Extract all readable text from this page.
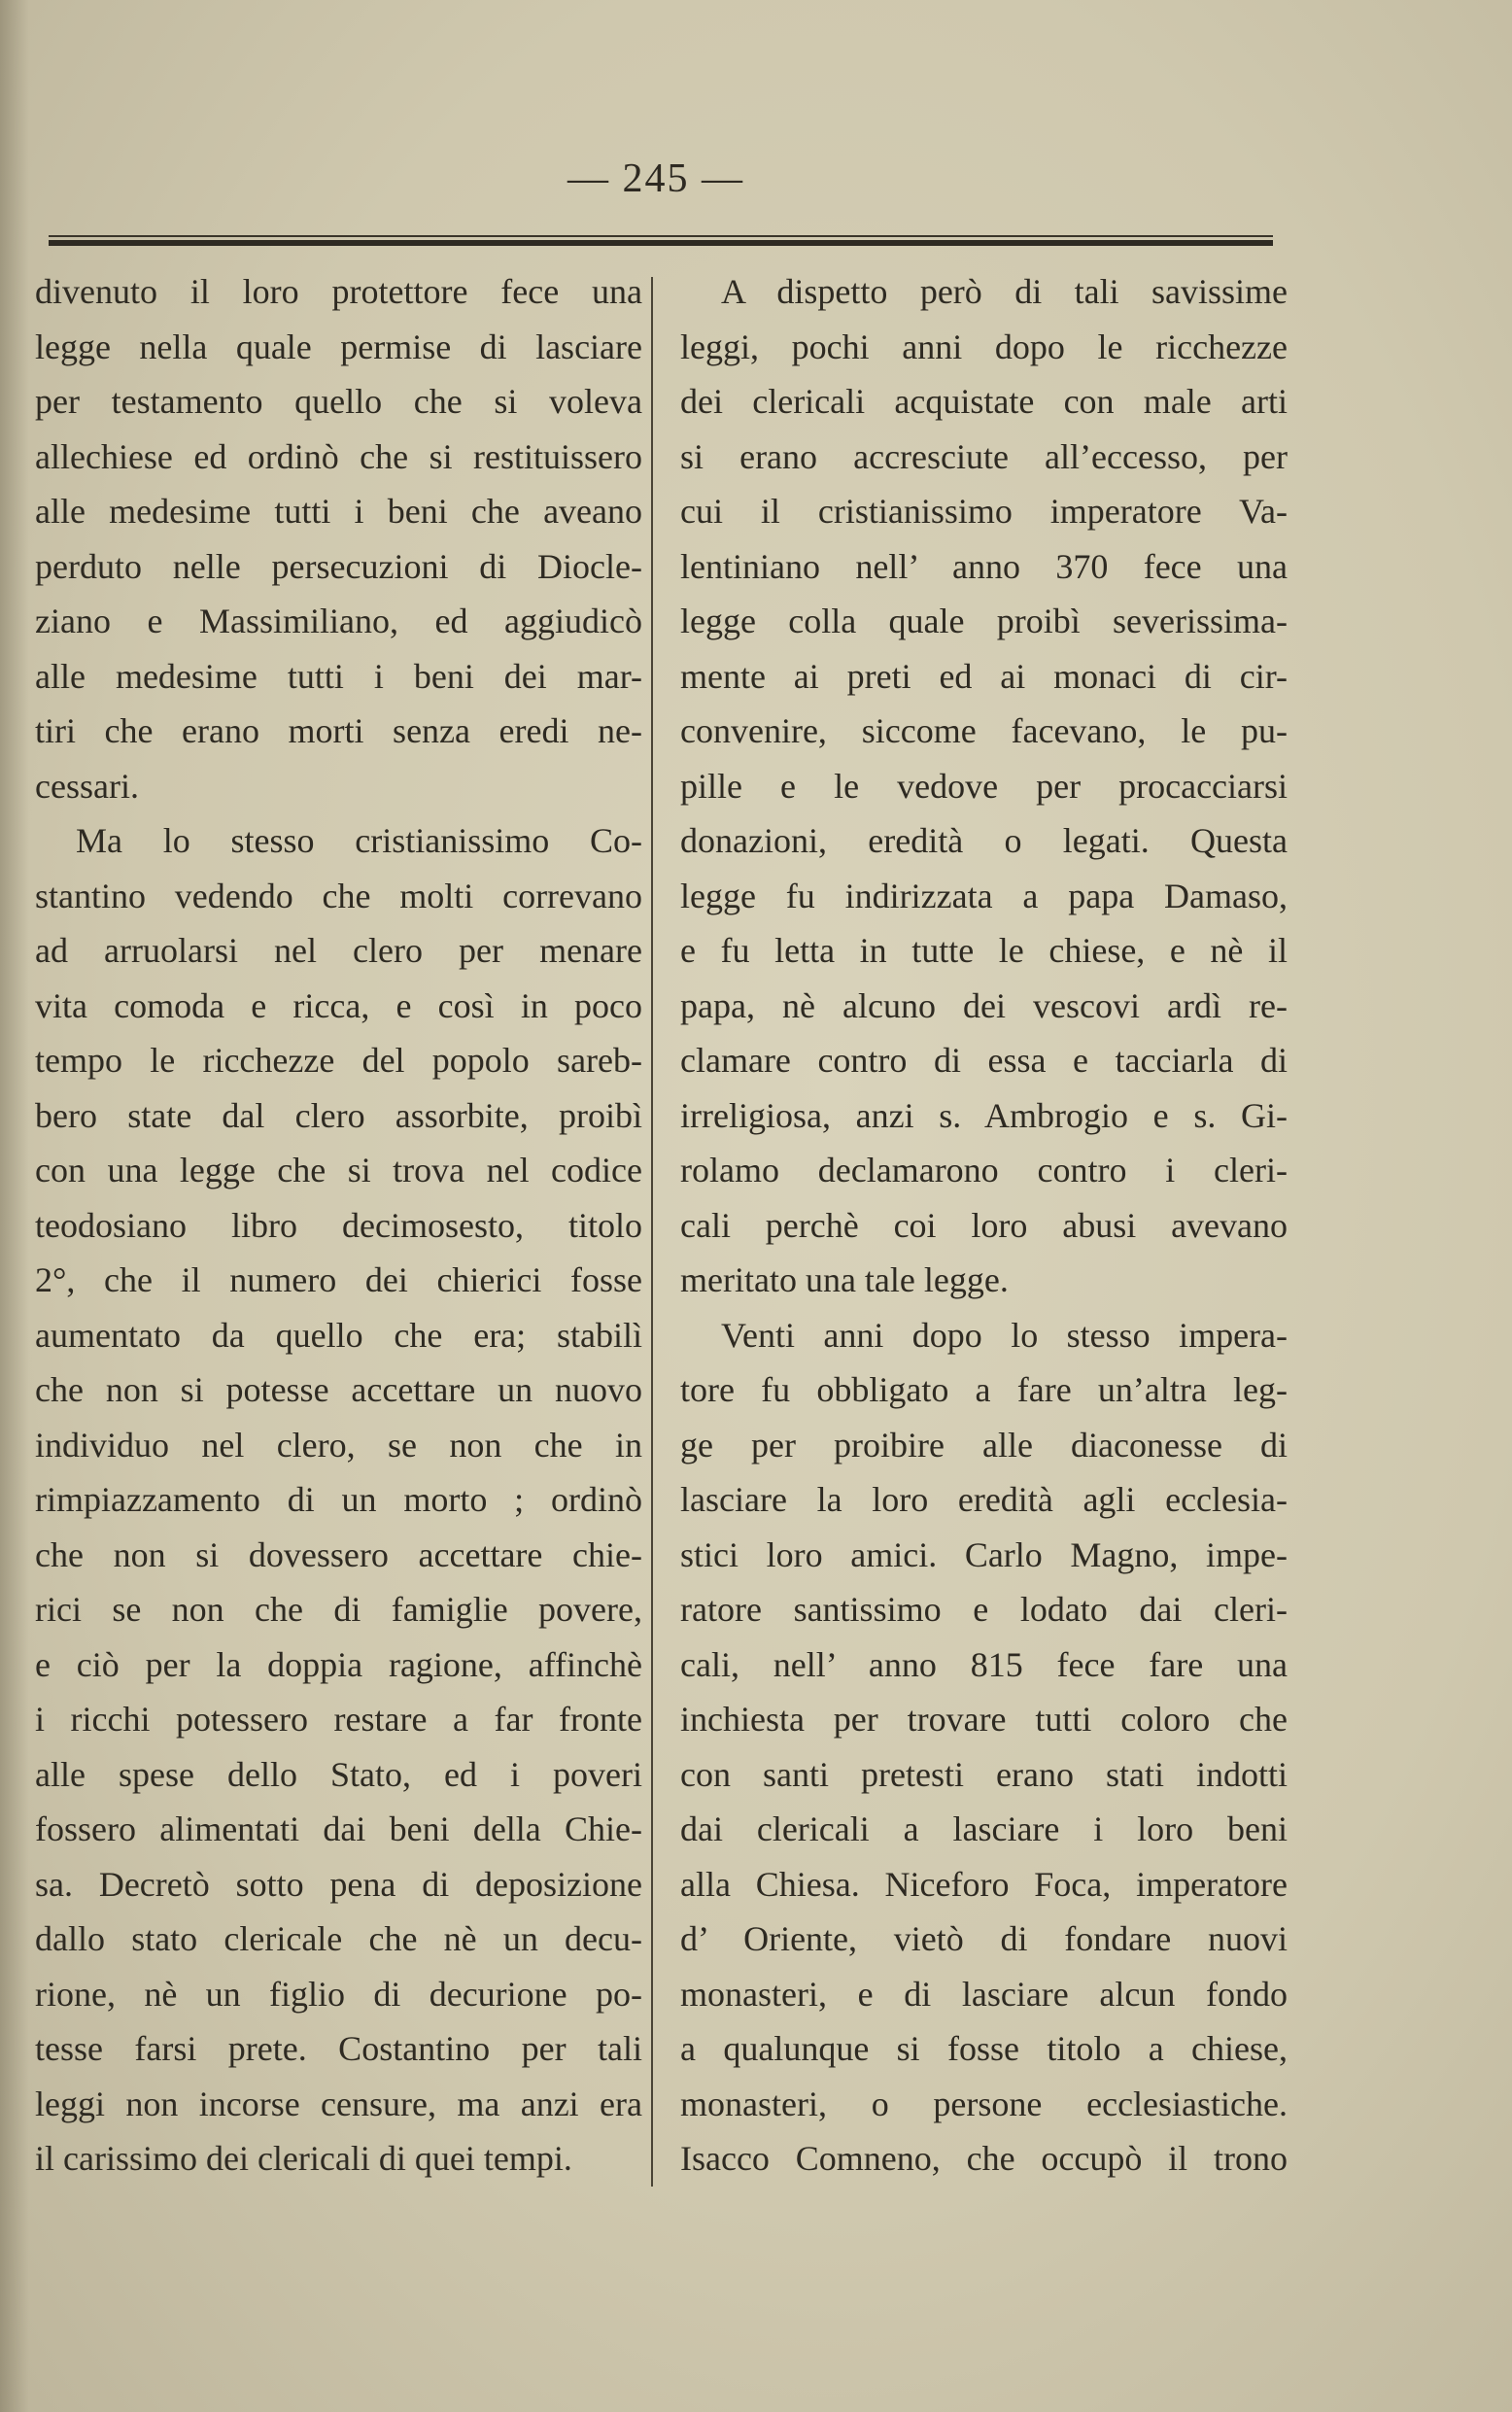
— 245 —
divenuto il loro protettore fece una
legge nella quale permise di lasciare
per testamento quello che si voleva
allechiese ed ordinò che si restituissero
alle medesime tutti i beni che aveano
perduto nelle persecuzioni di Diocle-
ziano e Massimiliano, ed aggiudicò
alle medesime tutti i beni dei mar-
tiri che erano morti senza eredi ne-
cessari.
Ma lo stesso cristianissimo Co-
stantino vedendo che molti correvano
ad arruolarsi nel clero per menare
vita comoda e ricca, e così in poco
tempo le ricchezze del popolo sareb-
bero state dal clero assorbite, proibì
con una legge che si trova nel codice
teodosiano libro decimosesto, titolo
2°, che il numero dei chierici fosse
aumentato da quello che era; stabilì
che non si potesse accettare un nuovo
individuo nel clero, se non che in
rimpiazzamento di un morto ; ordinò
che non si dovessero accettare chie-
rici se non che di famiglie povere,
e ciò per la doppia ragione, affinchè
i ricchi potessero restare a far fronte
alle spese dello Stato, ed i poveri
fossero alimentati dai beni della Chie-
sa. Decretò sotto pena di deposizione
dallo stato clericale che nè un decu-
rione, nè un figlio di decurione po-
tesse farsi prete. Costantino per tali
leggi non incorse censure, ma anzi era
il carissimo dei clericali di quei tempi.
A dispetto però di tali savissime
leggi, pochi anni dopo le ricchezze
dei clericali acquistate con male arti
si erano accresciute all’eccesso, per
cui il cristianissimo imperatore Va-
lentiniano nell’ anno 370 fece una
legge colla quale proibì severissima-
mente ai preti ed ai monaci di cir-
convenire, siccome facevano, le pu-
pille e le vedove per procacciarsi
donazioni, eredità o legati. Questa
legge fu indirizzata a papa Damaso,
e fu letta in tutte le chiese, e nè il
papa, nè alcuno dei vescovi ardì re-
clamare contro di essa e tacciarla di
irreligiosa, anzi s. Ambrogio e s. Gi-
rolamo declamarono contro i cleri-
cali perchè coi loro abusi avevano
meritato una tale legge.
Venti anni dopo lo stesso impera-
tore fu obbligato a fare un’altra leg-
ge per proibire alle diaconesse di
lasciare la loro eredità agli ecclesia-
stici loro amici. Carlo Magno, impe-
ratore santissimo e lodato dai cleri-
cali, nell’ anno 815 fece fare una
inchiesta per trovare tutti coloro che
con santi pretesti erano stati indotti
dai clericali a lasciare i loro beni
alla Chiesa. Niceforo Foca, imperatore
d’ Oriente, vietò di fondare nuovi
monasteri, e di lasciare alcun fondo
a qualunque si fosse titolo a chiese,
monasteri, o persone ecclesiastiche.
Isacco Comneno, che occupò il trono
